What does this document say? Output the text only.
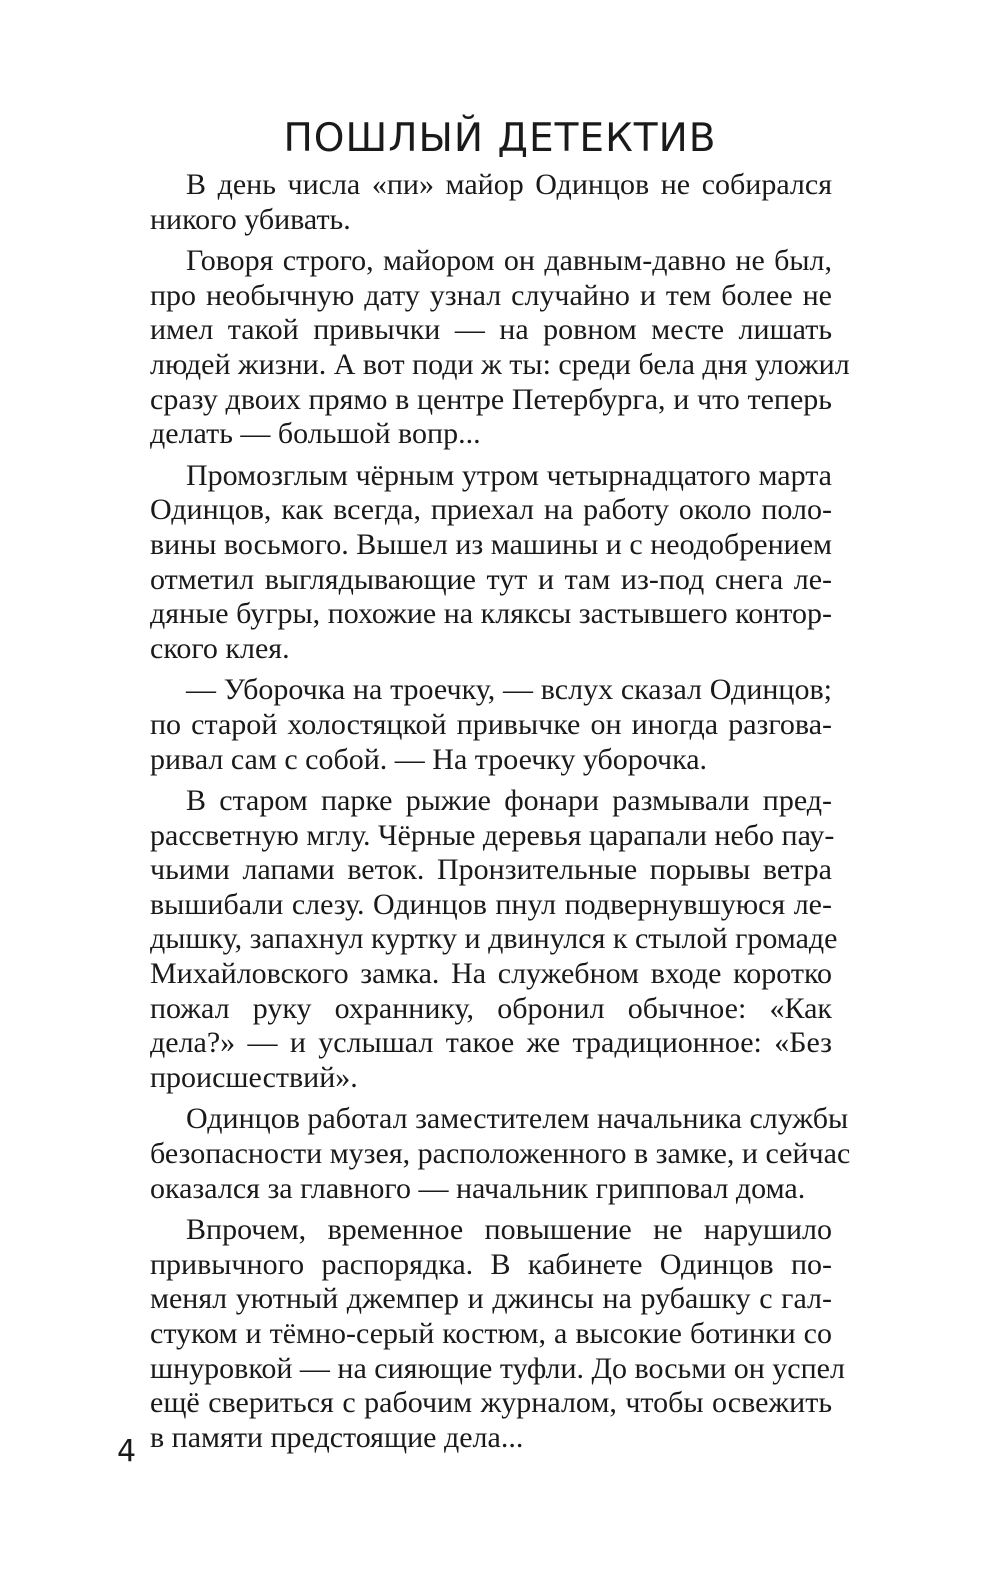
ПОШЛЫЙ ДЕТЕКТИВ
В день числа «пи» майор Одинцов не собирался
никого убивать.
Говоря строго, майором он давным-давно не был,
про необычную дату узнал случайно и тем более не
имел такой привычки — на ровном месте лишать
людей жизни. А вот поди ж ты: среди бела дня уложил
сразу двоих прямо в центре Петербурга, и что теперь
делать — большой вопр...
Промозглым чёрным утром четырнадцатого марта
Одинцов, как всегда, приехал на работу около поло-
вины восьмого. Вышел из машины и с неодобрением
отметил выглядывающие тут и там из-под снега ле-
дяные бугры, похожие на кляксы застывшего контор-
ского клея.
— Уборочка на троечку, — вслух сказал Одинцов;
по старой холостяцкой привычке он иногда разгова-
ривал сам с собой. — На троечку уборочка.
В старом парке рыжие фонари размывали пред-
рассветную мглу. Чёрные деревья царапали небо пау-
чьими лапами веток. Пронзительные порывы ветра
вышибали слезу. Одинцов пнул подвернувшуюся ле-
дышку, запахнул куртку и двинулся к стылой громаде
Михайловского замка. На служебном входе коротко
пожал руку охраннику, обронил обычное: «Как
дела?» — и услышал такое же традиционное: «Без
происшествий».
Одинцов работал заместителем начальника службы
безопасности музея, расположенного в замке, и сейчас
оказался за главного — начальник грипповал дома.
Впрочем, временное повышение не нарушило
привычного распорядка. В кабинете Одинцов по-
менял уютный джемпер и джинсы на рубашку с гал-
стуком и тёмно-серый костюм, а высокие ботинки со
шнуровкой — на сияющие туфли. До восьми он успел
ещё свериться с рабочим журналом, чтобы освежить
в памяти предстоящие дела...
4
